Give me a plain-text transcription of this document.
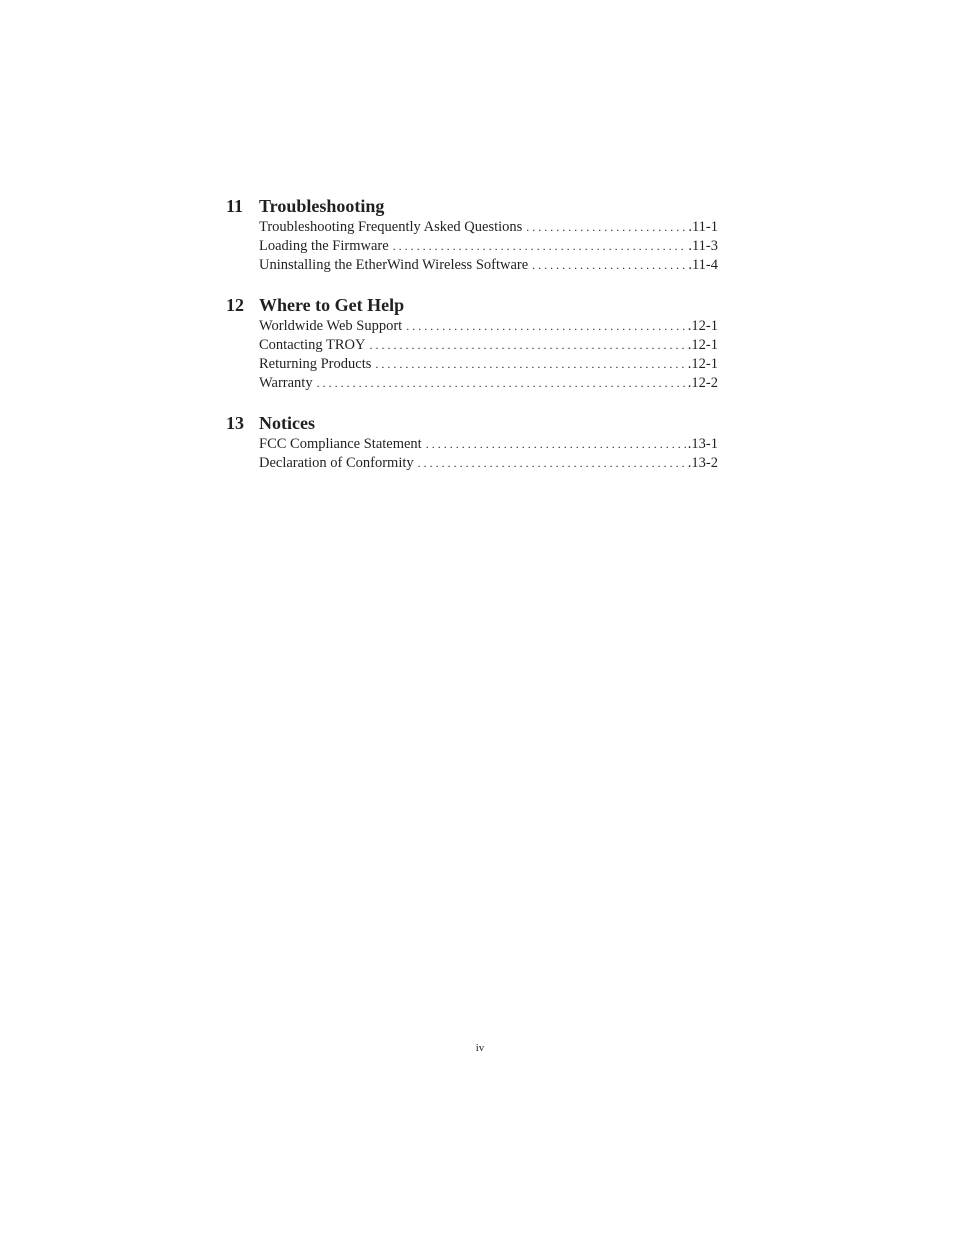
11 Troubleshooting
Troubleshooting Frequently Asked Questions . . .	.11-1
Loading the Firmware . . .	.11-3
Uninstalling the EtherWind Wireless Software . . .	.11-4
12 Where to Get Help
Worldwide Web Support . . .	.12-1
Contacting TROY . . .	.12-1
Returning Products . . .	.12-1
Warranty . . .	.12-2
13 Notices
FCC Compliance Statement . . .	.13-1
Declaration of Conformity . . .	.13-2
iv
